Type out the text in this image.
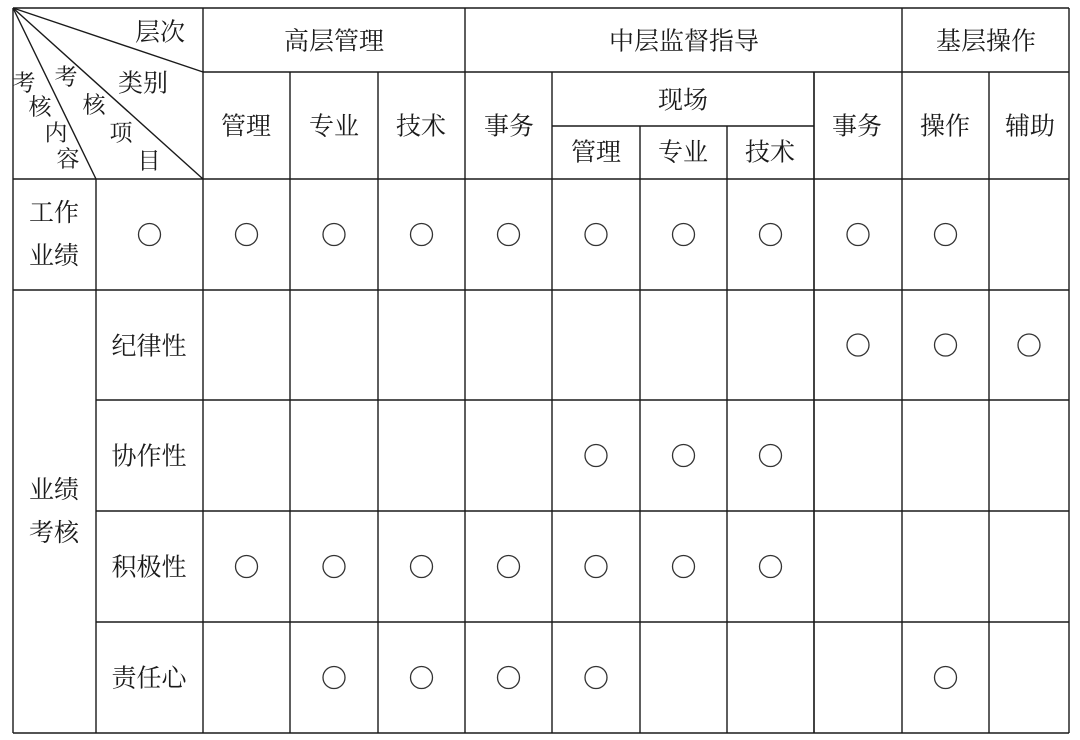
层次
类别
考
核
项
目
考
核
内
容
高层管理	中层监督指导	基层操作
管理 专业 技术 事务
现场
管理 专业 技术
事务 操作 辅助
工作
业绩
业绩
考核
纪律性
协作性
积极性
责任心
